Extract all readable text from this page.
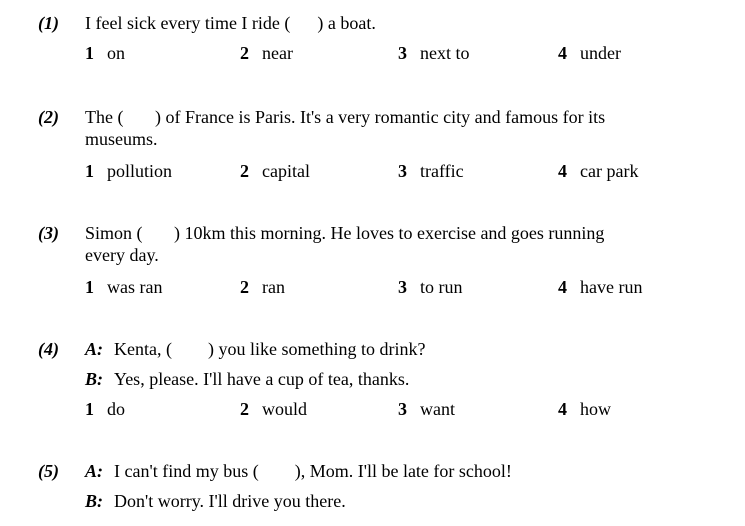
(1) I feel sick every time I ride (      ) a boat.
1 on	2 near	3 next to	4 under
(2) The (       ) of France is Paris. It's a very romantic city and famous for its
museums.
1 pollution	2 capital	3 traffic	4 car park
(3) Simon (       ) 10km this morning. He loves to exercise and goes running
every day.
1 was ran	2 ran	3 to run	4 have run
(4) A: Kenta, (        ) you like something to drink?
B: Yes, please. I'll have a cup of tea, thanks.
1 do	2 would	3 want	4 how
(5) A: I can't find my bus (        ), Mom. I'll be late for school!
B: Don't worry. I'll drive you there.
